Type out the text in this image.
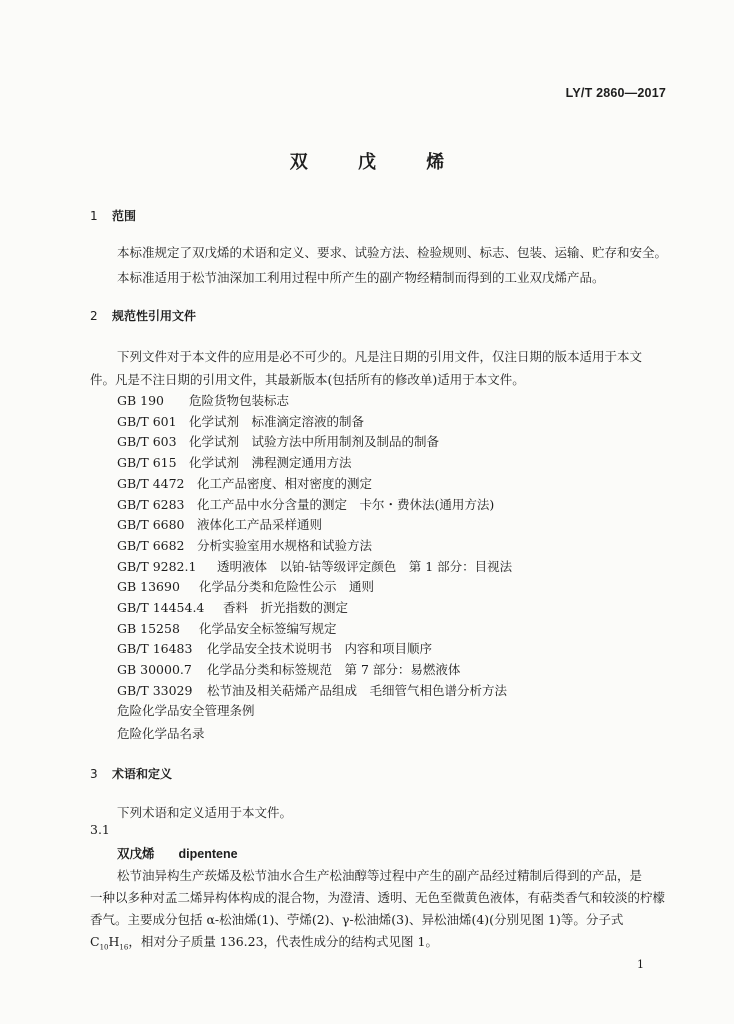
LY/T 2860—2017
双 戊 烯
1 范围
本标准规定了双戊烯的术语和定义、要求、试验方法、检验规则、标志、包装、运输、贮存和安全。
本标准适用于松节油深加工利用过程中所产生的副产物经精制而得到的工业双戊烯产品。
2 规范性引用文件
下列文件对于本文件的应用是必不可少的。凡是注日期的引用文件，仅注日期的版本适用于本文
件。凡是不注日期的引用文件，其最新版本(包括所有的修改单)适用于本文件。
GB 190 危险货物包装标志
GB/T 601 化学试剂　标准滴定溶液的制备
GB/T 603 化学试剂　试验方法中所用制剂及制品的制备
GB/T 615 化学试剂　沸程测定通用方法
GB/T 4472 化工产品密度、相对密度的测定
GB/T 6283 化工产品中水分含量的测定　卡尔・费休法(通用方法)
GB/T 6680 液体化工产品采样通则
GB/T 6682 分析实验室用水规格和试验方法
GB/T 9282.1 透明液体　以铂-钴等级评定颜色　第 1 部分：目视法
GB 13690 化学品分类和危险性公示　通则
GB/T 14454.4 香料　折光指数的测定
GB 15258 化学品安全标签编写规定
GB/T 16483 化学品安全技术说明书　内容和项目顺序
GB 30000.7 化学品分类和标签规范　第 7 部分：易燃液体
GB/T 33029 松节油及相关萜烯产品组成　毛细管气相色谱分析方法
危险化学品安全管理条例
危险化学品名录
3 术语和定义
下列术语和定义适用于本文件。
3.1
双戊烯 dipentene
松节油异构生产莰烯及松节油水合生产松油醇等过程中产生的副产品经过精制后得到的产品，是
一种以多种对孟二烯异构体构成的混合物，为澄清、透明、无色至微黄色液体，有萜类香气和较淡的柠檬
香气。主要成分包括 α-松油烯(1)、苧烯(2)、γ-松油烯(3)、异松油烯(4)(分别见图 1)等。分子式
$C_{10}H_{16}$，相对分子质量 136.23，代表性成分的结构式见图 1。
1
